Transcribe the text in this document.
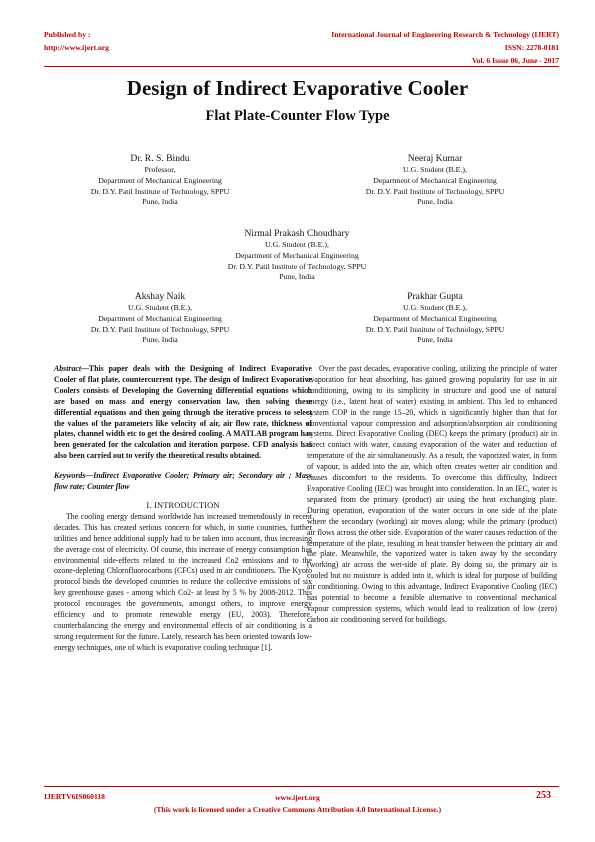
Published by :
http://www.ijert.org
International Journal of Engineering Research & Technology (IJERT)
ISSN: 2278-0181
Vol. 6 Issue 06, June - 2017
Design of Indirect Evaporative Cooler
Flat Plate-Counter Flow Type
Dr. R. S. Bindu
Professor,
Department of Mechanical Engineering
Dr. D.Y. Patil Institute of Technology, SPPU
Pune, India
Neeraj Kumar
U.G. Student (B.E.),
Department of Mechanical Engineering
Dr. D.Y. Patil Institute of Technology, SPPU
Pune, India
Nirmal Prakash Choudhary
U.G. Student (B.E.),
Department of Mechanical Engineering
Dr. D.Y. Patil Institute of Technology, SPPU
Pune, India
Akshay Naik
U.G. Student (B.E.),
Department of Mechanical Engineering
Dr. D.Y. Patil Institute of Technology, SPPU
Pune, India
Prakhar Gupta
U.G. Student (B.E.),
Department of Mechanical Engineering
Dr. D.Y. Patil Institute of Technology, SPPU
Pune, India
Abstract—This paper deals with the Designing of Indirect Evaporative Cooler of flat plate, countercurrent type. The design of Indirect Evaporative Coolers consists of Developing the Governing differential equations which are based on mass and energy conservation law, then solving these differential equations and then going through the iterative process to select the values of the parameters like velocity of air, air flow rate, thickness of plates, channel width etc to get the desired cooling. A MATLAB program has been generated for the calculation and iteration purpose. CFD analysis has also been carried out to verify the theoretical results obtained.
Keywords—Indirect Evaporative Cooler; Primary air; Secondary air ; Mass flow rate; Counter flow
I. INTRODUCTION

The cooling energy demand worldwide has increased tremendously in recent decades. This has created serious concern for which, in some countries, further utilities and hence additional supply had to be taken into account, thus increasing the average cost of electricity. Of course, this increase of energy consumption has environmental side-effects related to the increased Co2 emissions and to the ozone-depleting Chlorofluorocarbons (CFCs) used in air conditioners. The Kyoto protocol binds the developed countries to reduce the collective emissions of six key greenhouse gases - among which Co2- at least by 5 % by 2008-2012. This protocol encourages the governments, amongst others, to improve energy efficiency and to promote renewable energy (EU, 2003). Therefore, counterbalancing the energy and environmental effects of air conditioning is a strong requirement for the future. Lately, research has been oriented towards low-energy techniques, one of which is evaporative cooling technique [1].

Over the past decades, evaporative cooling, utilizing the principle of water evaporation for heat absorbing, has gained growing popularity for use in air conditioning, owing to its simplicity in structure and good use of natural energy (i.e., latent heat of water) existing in ambient. This led to enhanced system COP in the range 15–20, which is significantly higher than that for conventional vapour compression and adsorption/absorption air conditioning systems. Direct Evaporative Cooling (DEC) keeps the primary (product) air in direct contact with water, causing evaporation of the water and reduction of temperature of the air simultaneously. As a result, the vaporized water, in form of vapour, is added into the air, which often creates wetter air condition and causes discomfort to the residents. To overcome this difficulty, Indirect Evaporative Cooling (IEC) was brought into consideration. In an IEC, water is separated from the primary (product) air using the heat exchanging plate. During operation, evaporation of the water occurs in one side of the plate where the secondary (working) air moves along; while the primary (product) air flows across the other side. Evaporation of the water causes reduction of the temperature of the plate, resulting in heat transfer between the primary air and the plate. Meanwhile, the vaporized water is taken away by the secondary (working) air across the wet-side of plate. By doing so, the primary air is cooled but no moisture is added into it, which is ideal for purpose of building air conditioning. Owing to this advantage, Indirect Evaporative Cooling (IEC) has potential to become a feasible alternative to conventional mechanical vapour compression systems, which would lead to realization of low (zero) carbon air conditioning served for buildings.

IJERTV6IS060118	www.ijert.org
(This work is licensed under a Creative Commons Attribution 4.0 International License.)
253
